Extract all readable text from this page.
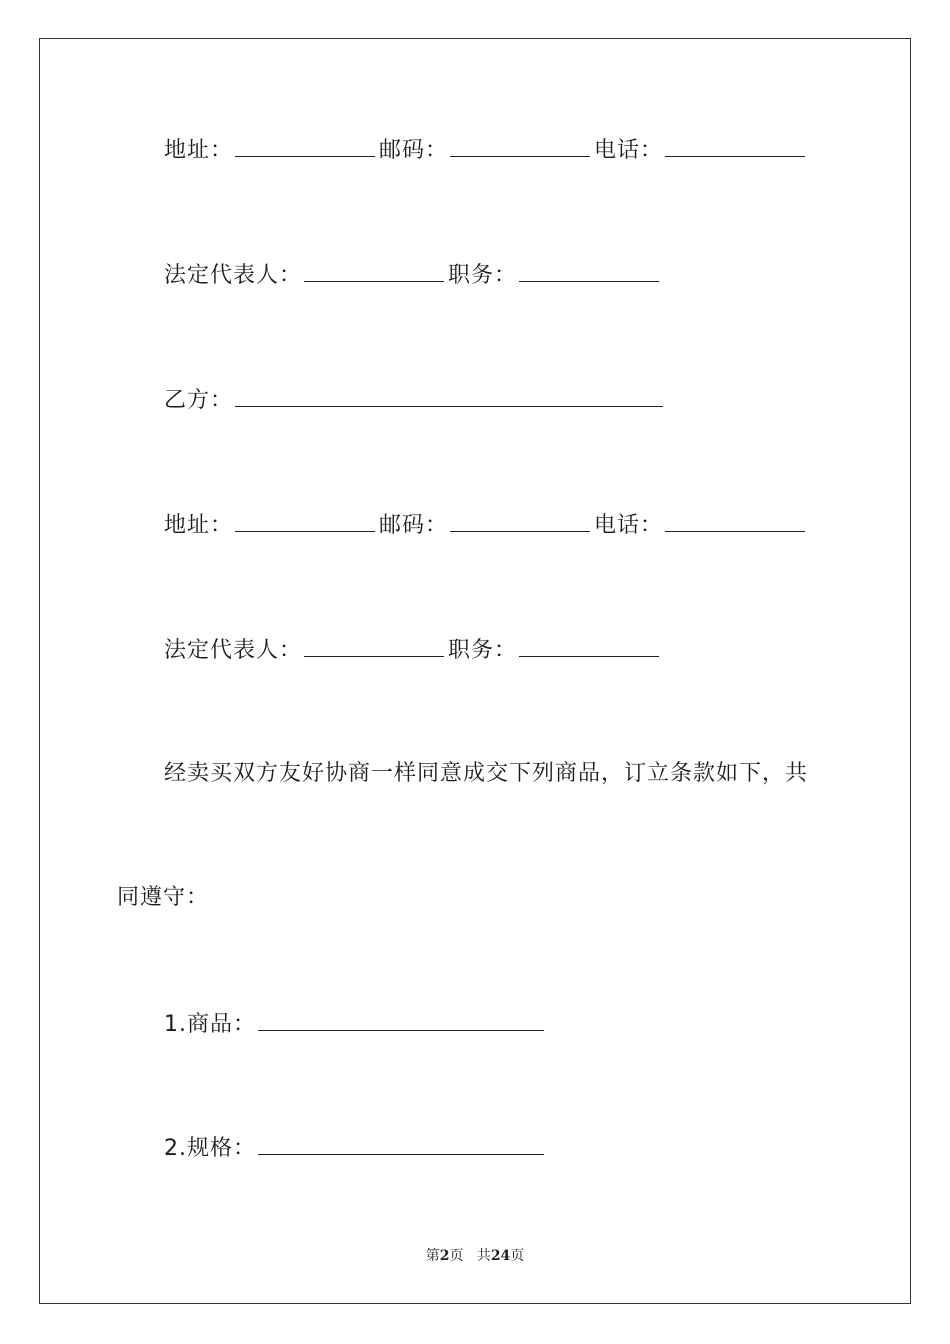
地址：	邮码：	电话：
法定代表人：	职务：
乙方：
地址：	邮码：	电话：
法定代表人：	职务：
经卖买双方友好协商一样同意成交下列商品，订立条款如下，共
同遵守：
1.商品：
2.规格：
第2页 共24页
